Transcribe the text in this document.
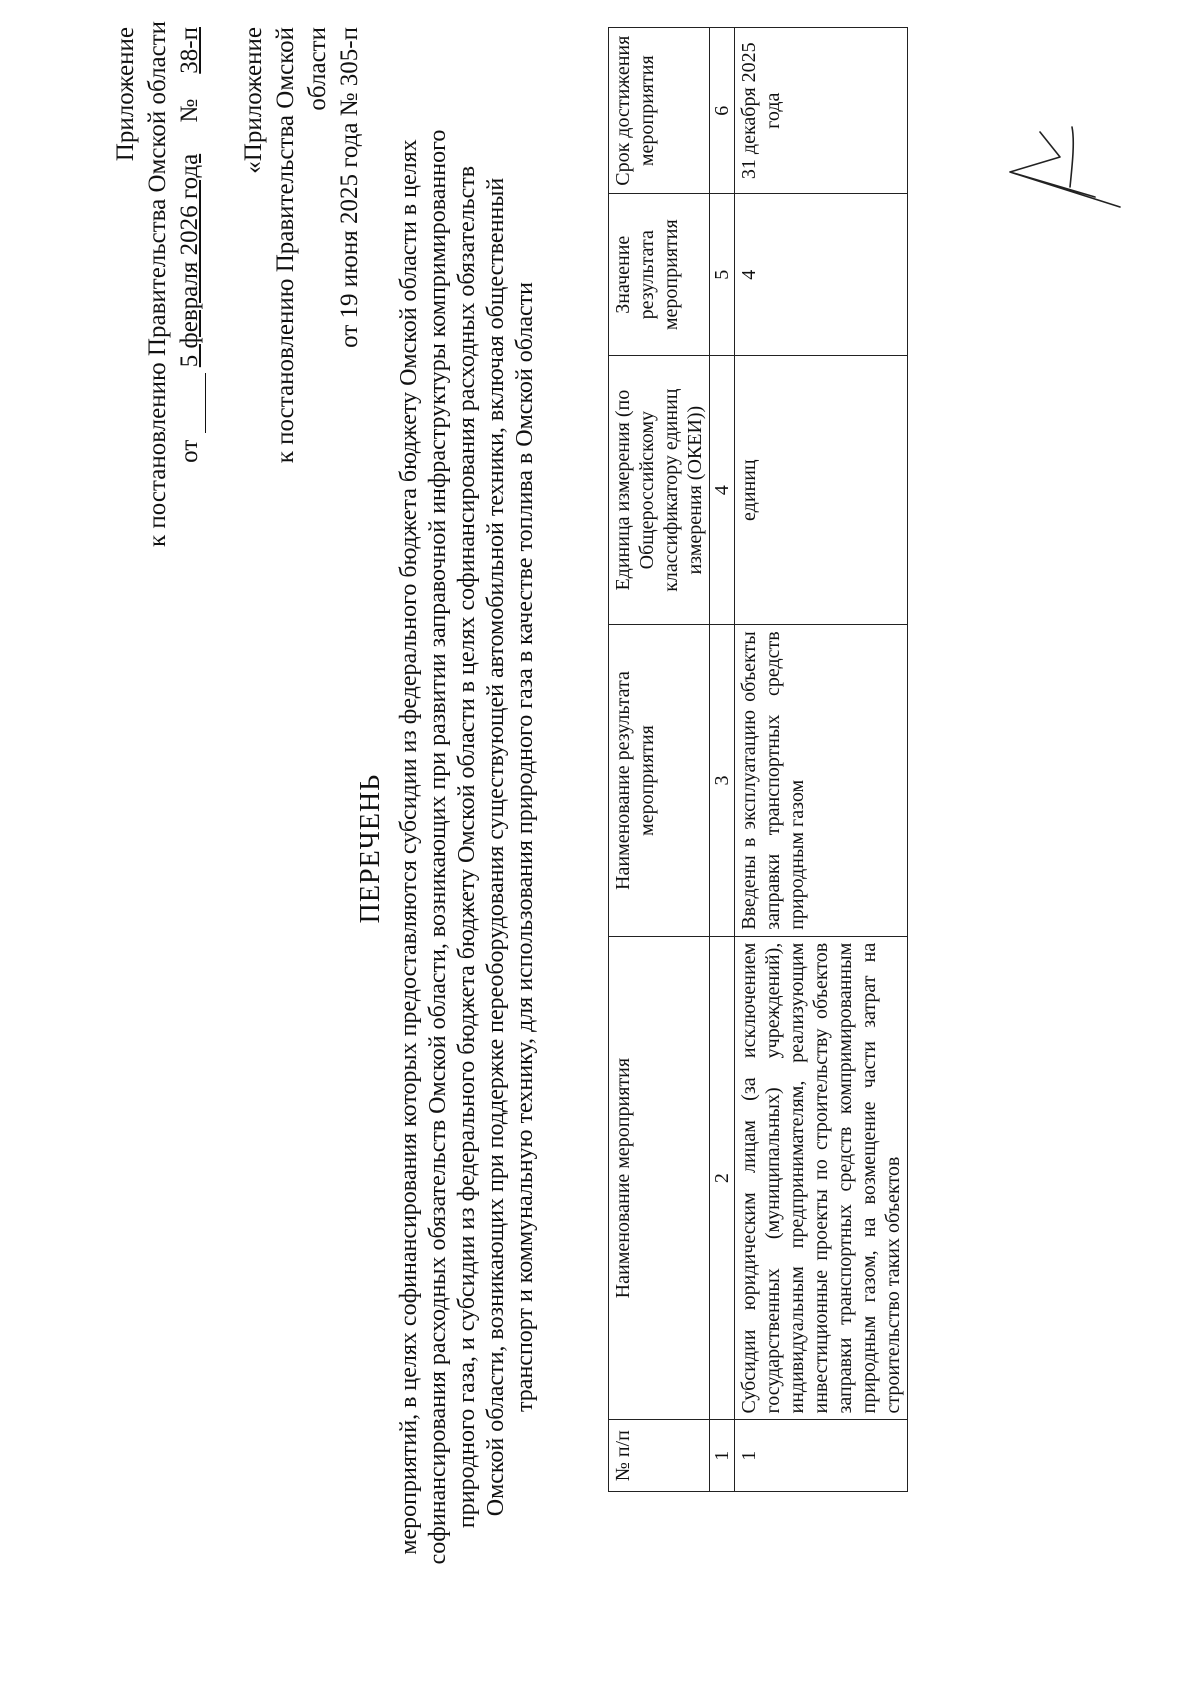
Приложение к постановлению Правительства Омской области от  5 февраля 2026 года     №    38-п «Приложение к постановлению Правительства Омской области от 19 июня 2025 года № 305-п
ПЕРЕЧЕНЬ мероприятий, в целях софинансирования которых предоставляются субсидии из федерального бюджета бюджету Омской области в целях софинансирования расходных обязательств Омской области, возникающих при развитии заправочной инфраструктуры компримированного природного газа, и субсидии из федерального бюджета бюджету Омской области в целях софинансирования расходных обязательств Омской области, возникающих при поддержке переоборудования существующей автомобильной техники, включая общественный транспорт и коммунальную технику, для использования природного газа в качестве топлива в Омской области
№ п/п	Наименование мероприятия	Наименование результата мероприятия	Единица измерения (по Общероссийскому классификатору единиц измерения (ОКЕИ))	Значение результата мероприятия	Срок достижения мероприятия
1	2	3	4	5	6
1	Субсидии юридическим лицам (за исключением государственных (муниципальных) учреждений), индивидуальным предпринимателям, реализующим инвестиционные проекты по строительству объектов заправки транспортных средств компримированным природным газом, на возмещение части затрат на строительство таких объектов	Введены в эксплуатацию объекты заправки транспортных средств природным газом	единиц	4	31 декабря 2025 года
